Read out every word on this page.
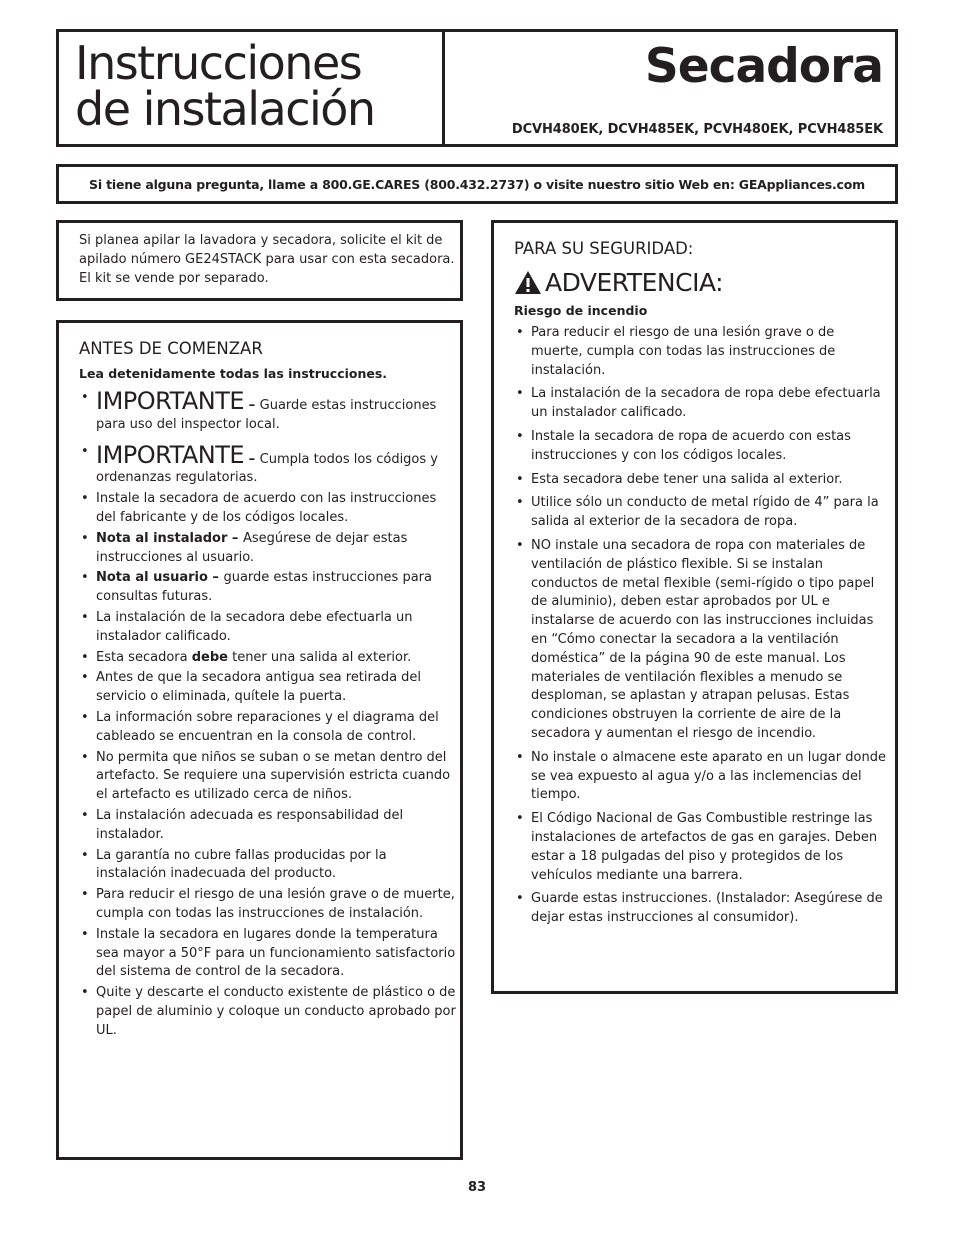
Instrucciones
de instalación
Secadora
DCVH480EK, DCVH485EK, PCVH480EK, PCVH485EK
Si tiene alguna pregunta, llame a 800.GE.CARES (800.432.2737) o visite nuestro sitio Web en: GEAppliances.com
Si planea apilar la lavadora y secadora, solicite el kit de apilado número GE24STACK para usar con esta secadora. El kit se vende por separado.
ANTES DE COMENZAR
Lea detenidamente todas las instrucciones.
• IMPORTANTE – Guarde estas instrucciones para uso del inspector local.
• IMPORTANTE – Cumpla todos los códigos y ordenanzas regulatorias.
• Instale la secadora de acuerdo con las instrucciones del fabricante y de los códigos locales.
• Nota al instalador – Asegúrese de dejar estas instrucciones al usuario.
• Nota al usuario – guarde estas instrucciones para consultas futuras.
• La instalación de la secadora debe efectuarla un instalador calificado.
• Esta secadora debe tener una salida al exterior.
• Antes de que la secadora antigua sea retirada del servicio o eliminada, quítele la puerta.
• La información sobre reparaciones y el diagrama del cableado se encuentran en la consola de control.
• No permita que niños se suban o se metan dentro del artefacto. Se requiere una supervisión estricta cuando el artefacto es utilizado cerca de niños.
• La instalación adecuada es responsabilidad del instalador.
• La garantía no cubre fallas producidas por la instalación inadecuada del producto.
• Para reducir el riesgo de una lesión grave o de muerte, cumpla con todas las instrucciones de instalación.
• Instale la secadora en lugares donde la temperatura sea mayor a 50°F para un funcionamiento satisfactorio del sistema de control de la secadora.
• Quite y descarte el conducto existente de plástico o de papel de aluminio y coloque un conducto aprobado por UL.
PARA SU SEGURIDAD:
ADVERTENCIA:
Riesgo de incendio
• Para reducir el riesgo de una lesión grave o de muerte, cumpla con todas las instrucciones de instalación.
• La instalación de la secadora de ropa debe efectuarla un instalador calificado.
• Instale la secadora de ropa de acuerdo con estas instrucciones y con los códigos locales.
• Esta secadora debe tener una salida al exterior.
• Utilice sólo un conducto de metal rígido de 4” para la salida al exterior de la secadora de ropa.
• NO instale una secadora de ropa con materiales de ventilación de plástico flexible. Si se instalan conductos de metal flexible (semi-rígido o tipo papel de aluminio), deben estar aprobados por UL e instalarse de acuerdo con las instrucciones incluidas en “Cómo conectar la secadora a la ventilación doméstica” de la página 90 de este manual. Los materiales de ventilación flexibles a menudo se desploman, se aplastan y atrapan pelusas. Estas condiciones obstruyen la corriente de aire de la secadora y aumentan el riesgo de incendio.
• No instale o almacene este aparato en un lugar donde se vea expuesto al agua y/o a las inclemencias del tiempo.
• El Código Nacional de Gas Combustible restringe las instalaciones de artefactos de gas en garajes. Deben estar a 18 pulgadas del piso y protegidos de los vehículos mediante una barrera.
• Guarde estas instrucciones. (Instalador: Asegúrese de dejar estas instrucciones al consumidor).
83
